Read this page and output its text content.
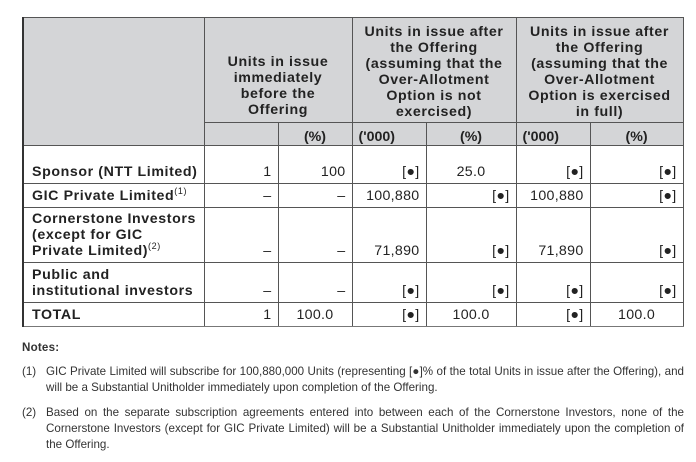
	Units in issue immediately before the Offering		Units in issue after the Offering (assuming that the Over-Allotment Option is not exercised)		Units in issue after the Offering (assuming that the Over-Allotment Option is exercised in full)	
		(%)	('000)	(%)	('000)	(%)
Sponsor (NTT Limited)	1	100	[●]	25.0	[●]	[●]
GIC Private Limited$^{(1)}$	–	–	100,880	[●]	100,880	[●]
Cornerstone Investors (except for GIC Private Limited)$^{(2)}$	–	–	71,890	[●]	71,890	[●]
Public and institutional investors	–	–	[●]	[●]	[●]	[●]
TOTAL	1	100.0	[●]	100.0	[●]	100.0
Notes:
(1) GIC Private Limited will subscribe for 100,880,000 Units (representing [●]% of the total Units in issue after the Offering), and will be a Substantial Unitholder immediately upon completion of the Offering.
(2) Based on the separate subscription agreements entered into between each of the Cornerstone Investors, none of the Cornerstone Investors (except for GIC Private Limited) will be a Substantial Unitholder immediately upon the completion of the Offering.
